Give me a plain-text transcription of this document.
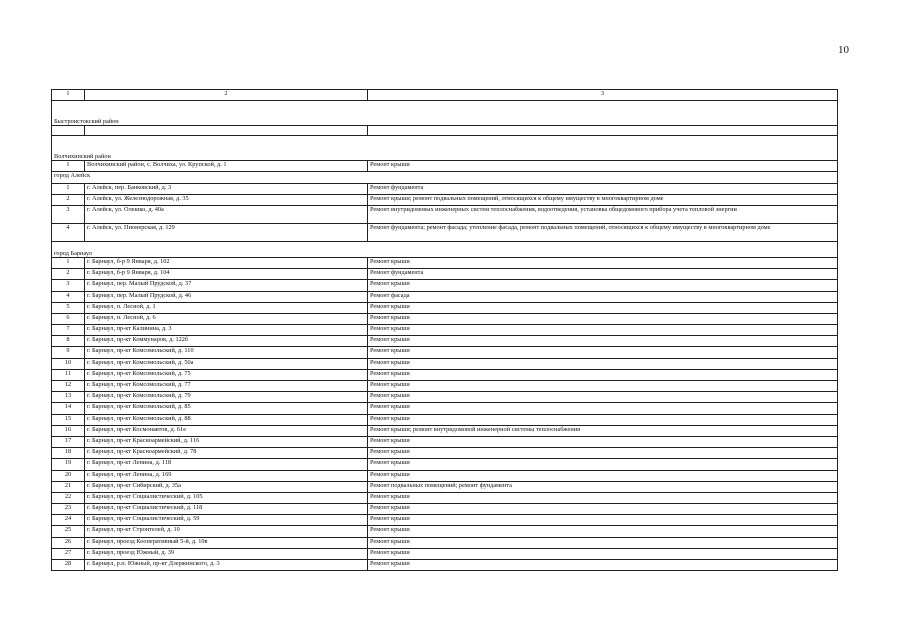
10
1	2	3
Быстроистокский район		

Волчихинский район		
1	Волчихинский район, с. Волчиха, ул. Крупской, д. 1	Ремонт крыши
город Алейск		
1	г. Алейск, пер. Банковский, д. 3	Ремонт фундамента
2	г. Алейск, ул. Железнодорожная, д. 35	Ремонт крыши; ремонт подвальных помещений, относящихся к общему имуществу в многоквартирном доме
3	г. Алейск, ул. Олешко, д. 40а	Ремонт внутридомовых инженерных систем теплоснабжения, водоотведения, установка общедомового прибора учета тепловой энергии
4	г. Алейск, ул. Пионерская, д. 129	Ремонт фундамента; ремонт фасада; утепление фасада, ремонт подвальных помещений, относящихся к общему имуществу в многоквартирном доме
город Барнаул		
1	г. Барнаул, б-р 9 Января, д. 102	Ремонт крыши
2	г. Барнаул, б-р 9 Января, д. 104	Ремонт фундамента
3	г. Барнаул, пер. Малый Прудской, д. 37	Ремонт крыши
4	г. Барнаул, пер. Малый Прудской, д. 46	Ремонт фасада
5	г. Барнаул, п. Лесной, д. 1	Ремонт крыши
6	г. Барнаул, п. Лесной, д. 6	Ремонт крыши
7	г. Барнаул, пр-кт Калинина, д. 3	Ремонт крыши
8	г. Барнаул, пр-кт Коммунаров, д. 122б	Ремонт крыши
9	г. Барнаул, пр-кт Комсомольский, д. 110	Ремонт крыши
10	г. Барнаул, пр-кт Комсомольский, д. 50а	Ремонт крыши
11	г. Барнаул, пр-кт Комсомольский, д. 75	Ремонт крыши
12	г. Барнаул, пр-кт Комсомольский, д. 77	Ремонт крыши
13	г. Барнаул, пр-кт Комсомольский, д. 79	Ремонт крыши
14	г. Барнаул, пр-кт Комсомольский, д. 85	Ремонт крыши
15	г. Барнаул, пр-кт Комсомольский, д. 88	Ремонт крыши
16	г. Барнаул, пр-кт Космонавтов, д. 61е	Ремонт крыши; ремонт внутридомовой инженерной системы теплоснабжения
17	г. Барнаул, пр-кт Красноармейский, д. 116	Ремонт крыши
18	г. Барнаул, пр-кт Красноармейский, д. 78	Ремонт крыши
19	г. Барнаул, пр-кт Ленина, д. 118	Ремонт крыши
20	г. Барнаул, пр-кт Ленина, д. 169	Ремонт крыши
21	г. Барнаул, пр-кт Сибирский, д. 35а	Ремонт подвальных помещений; ремонт фундамента
22	г. Барнаул, пр-кт Социалистический, д. 105	Ремонт крыши
23	г. Барнаул, пр-кт Социалистический, д. 118	Ремонт крыши
24	г. Барнаул, пр-кт Социалистический, д. 59	Ремонт крыши
25	г. Барнаул, пр-кт Строителей, д. 10	Ремонт крыши
26	г. Барнаул, проезд Кооперативный 5-й, д. 10в	Ремонт крыши
27	г. Барнаул, проезд Южный, д. 39	Ремонт крыши
28	г. Барнаул, р.п. Южный, пр-кт Дзержинского, д. 3	Ремонт крыши
